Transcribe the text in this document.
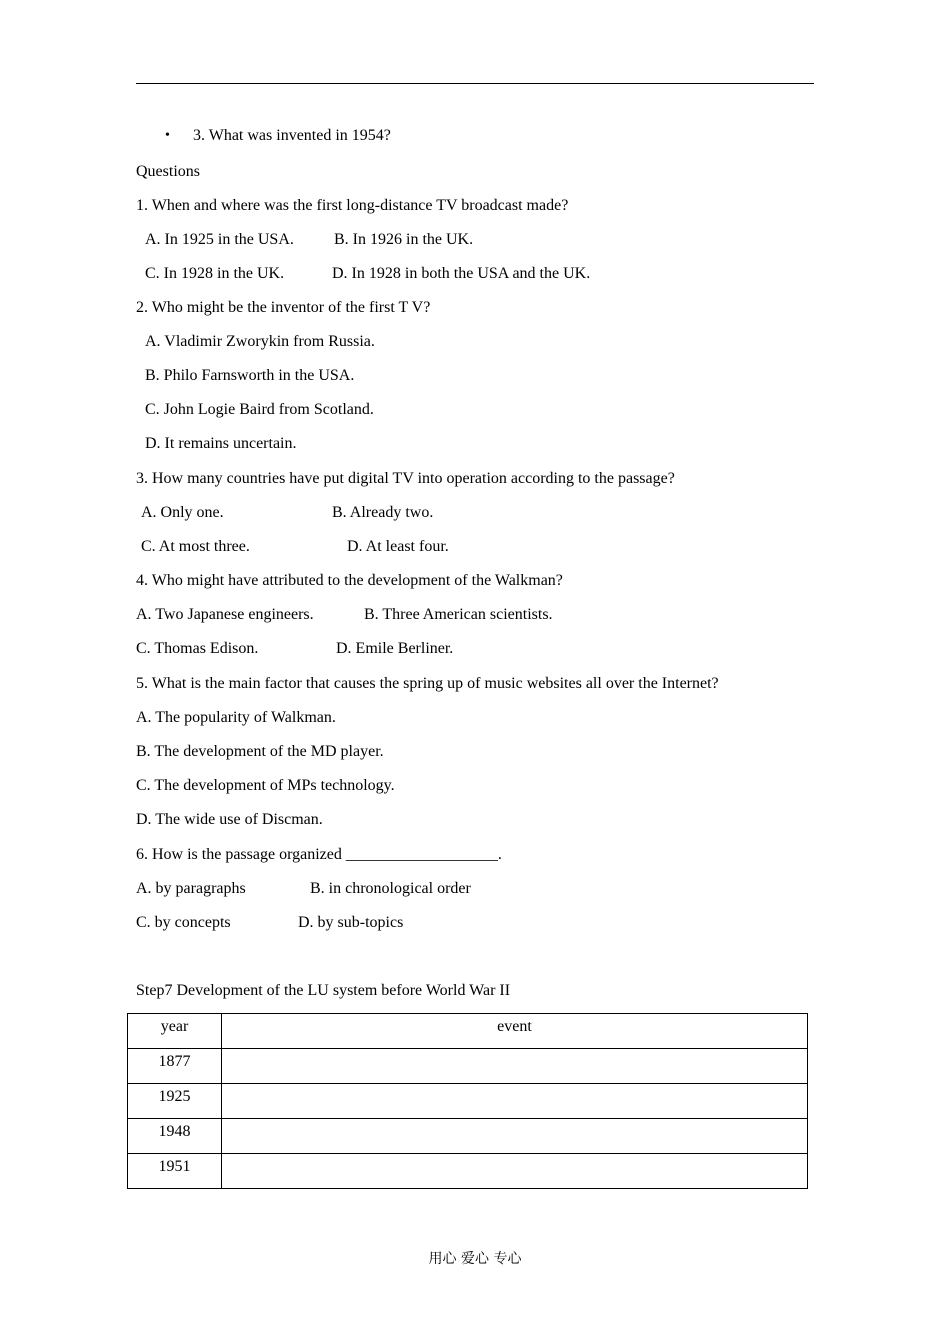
• 3. What was invented in 1954?
Questions
1. When and where was the first long-distance TV broadcast made?
A. In 1925 in the USA.	B. In 1926 in the UK.
C. In 1928 in the UK.	D. In 1928 in both the USA and the UK.
2. Who might be the inventor of the first T V?
A. Vladimir Zworykin from Russia.
B. Philo Farnsworth in the USA.
C. John Logie Baird from Scotland.
D. It remains uncertain.
3. How many countries have put digital TV into operation according to the passage?
A. Only one.	B. Already two.
C. At most three.	D. At least four.
4. Who might have attributed to the development of the Walkman?
A. Two Japanese engineers.	B. Three American scientists.
C. Thomas Edison.	D. Emile Berliner.
5. What is the main factor that causes the spring up of music websites all over the Internet?
A. The popularity of Walkman.
B. The development of the MD player.
C. The development of MPs technology.
D. The wide use of Discman.
6. How is the passage organized ___________________.
A. by paragraphs	B. in chronological order
C. by concepts	D. by sub-topics
Step7 Development of the LU system before World War II
year	event
1877	
1925	
1948	
1951	
用心 爱心 专心
